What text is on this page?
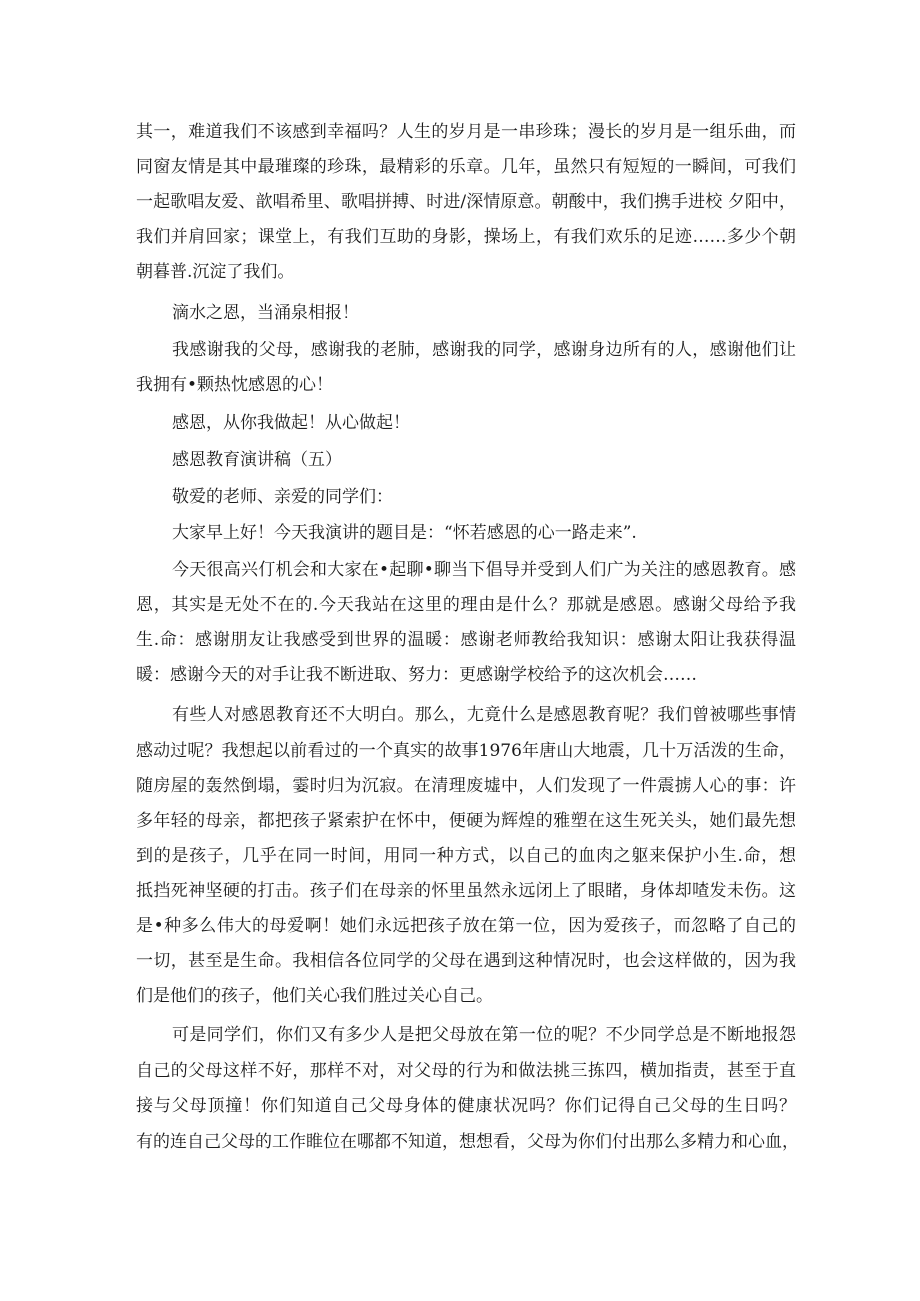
其一，难道我们不该感到幸福吗？人生的岁月是一串珍珠；漫长的岁月是一组乐曲，而
同窗友情是其中最璀璨的珍珠，最精彩的乐章。几年，虽然只有短短的一瞬间，可我们
一起歌唱友爱、歆唱希里、歌唱拼搏、时进/深情原意。朝酸中，我们携手进校 夕阳中，
我们并肩回家；课堂上，有我们互助的身影，操场上，有我们欢乐的足迹……多少个朝
朝暮普.沉淀了我们。
滴水之恩，当涌泉相报！
我感谢我的父母，感谢我的老肺，感谢我的同学，感谢身边所有的人，感谢他们让
我拥有•颗热忱感恩的心！
感恩，从你我做起！从心做起！
感恩教育演讲稿（五）
敬爱的老师、亲爱的同学们：
大家早上好！今天我演讲的题目是：“怀若感恩的心一路走来”.
今天很高兴仃机会和大家在•起聊•聊当下倡导并受到人们广为关注的感恩教育。感
恩，其实是无处不在的.今天我站在这里的理由是什么？那就是感恩。感谢父母给予我
生.命：感谢朋友让我感受到世界的温暖：感谢老师教给我知识：感谢太阳让我获得温
暖：感谢今天的对手让我不断进取、努力：更感谢学校给予的这次机会……
有些人对感恩教育还不大明白。那么，尢竟什么是感恩教育呢？我们曾被哪些事情
感动过呢？我想起以前看过的一个真实的故事1976年唐山大地震，几十万活泼的生命，
随房屋的轰然倒塌，霎时归为沉寂。在清理废墟中，人们发现了一件震掳人心的事：许
多年轻的母亲，都把孩子紧索护在怀中，便硬为辉煌的雅塑在这生死关头，她们最先想
到的是孩子，几乎在同一时间，用同一种方式，以自己的血肉之躯来保护小生.命，想
抵挡死神坚硬的打击。孩子们在母亲的怀里虽然永远闭上了眼睹，身体却喳发未伤。这
是•种多么伟大的母爱啊！她们永远把孩子放在第一位，因为爱孩子，而忽略了自己的
一切，甚至是生命。我相信各位同学的父母在遇到这种情况时，也会这样做的，因为我
们是他们的孩子，他们关心我们胜过关心自己。
可是同学们，你们又有多少人是把父母放在第一位的呢？不少同学总是不断地报怨
自己的父母这样不好，那样不对，对父母的行为和做法挑三拣四，横加指责，甚至于直
接与父母顶撞！你们知道自己父母身体的健康状况吗？你们记得自己父母的生日吗？
有的连自己父母的工作睢位在哪都不知道，想想看，父母为你们付出那么多精力和心血，
